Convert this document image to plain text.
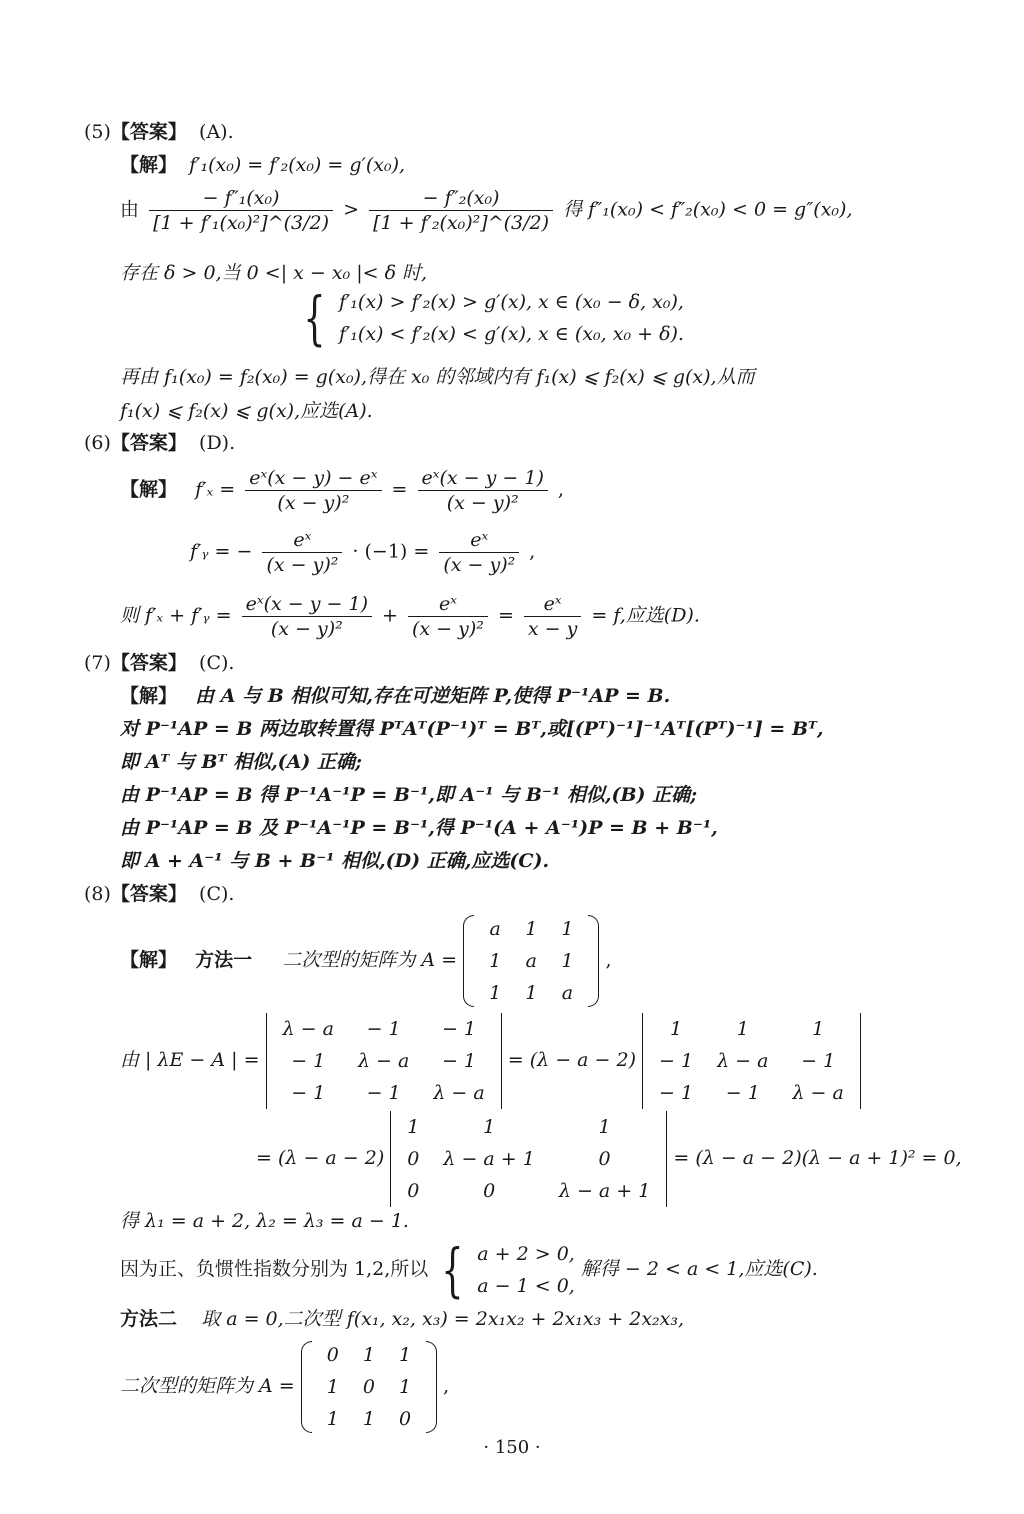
(5)【答案】 (A).
【解】 f′₁(x₀) = f′₂(x₀) = g′(x₀),
由 $\frac{\text{− f″₁(x₀)}}{\text{[1 + f′₁(x₀)²]\textasciicircum{}(3/2)}} > \frac{\text{− f″₂(x₀)}}{\text{[1 + f′₂(x₀)²]\textasciicircum{}(3/2)}}$ 得 f″₁(x₀) < f″₂(x₀) < 0 = g″(x₀),
存在 δ > 0,当 0 <| x − x₀ |< δ 时,
{ f′₁(x) > f′₂(x) > g′(x), x ∈ (x₀ − δ, x₀),
f′₁(x) < f′₂(x) < g′(x), x ∈ (x₀, x₀ + δ).
再由 f₁(x₀) = f₂(x₀) = g(x₀),得在 x₀ 的邻域内有 f₁(x) ⩽ f₂(x) ⩽ g(x),从而
f₁(x) ⩽ f₂(x) ⩽ g(x),应选(A).
(6)【答案】 (D).
【解】 $f'_x = \frac{\text{eˣ(x − y) − eˣ}}{\text{(x − y)²}} = \frac{\text{eˣ(x − y − 1)}}{\text{(x − y)²}}$ ,
f′ᵧ = − $\frac{\text{eˣ}}{\text{(x − y)²}} \cdot (-1) = \frac{\text{eˣ}}{\text{(x − y)²}}$ ,
则 f′ₓ + f′ᵧ = $\frac{\text{eˣ(x − y − 1)}}{\text{(x − y)²}} + \frac{\text{eˣ}}{\text{(x − y)²}} = \frac{\text{eˣ}}{x - y} = f$,应选(D).
(7)【答案】 (C).
【解】 由 A 与 B 相似可知,存在可逆矩阵 P,使得 P⁻¹AP = B.
对 P⁻¹AP = B 两边取转置得 PᵀAᵀ(P⁻¹)ᵀ = Bᵀ,或[(Pᵀ)⁻¹]⁻¹Aᵀ[(Pᵀ)⁻¹] = Bᵀ,
即 Aᵀ 与 Bᵀ 相似,(A) 正确;
由 P⁻¹AP = B 得 P⁻¹A⁻¹P = B⁻¹,即 A⁻¹ 与 B⁻¹ 相似,(B) 正确;
由 P⁻¹AP = B 及 P⁻¹A⁻¹P = B⁻¹,得 P⁻¹(A + A⁻¹)P = B + B⁻¹,
即 A + A⁻¹ 与 B + B⁻¹ 相似,(D) 正确,应选(C).
(8)【答案】 (C).
【解】 方法一 二次型的矩阵为 A =
a	1	1
1	a	1
1	1	a
,
由 | λE − A | =
λ − a	− 1	− 1
− 1	λ − a	− 1
− 1	− 1	λ − a
= (λ − a − 2)
1	1	1
− 1	λ − a	− 1
− 1	− 1	λ − a
= (λ − a − 2)
1	1	1
0	λ − a + 1	0
0	0	λ − a + 1
= (λ − a − 2)(λ − a + 1)² = 0,
得 λ₁ = a + 2, λ₂ = λ₃ = a − 1.
因为正、负惯性指数分别为 1,2,所以 { a + 2 > 0,
a − 1 < 0, 解得 − 2 < a < 1,应选(C).
方法二 取 a = 0,二次型 f(x₁, x₂, x₃) = 2x₁x₂ + 2x₁x₃ + 2x₂x₃,
二次型的矩阵为 A =
0	1	1
1	0	1
1	1	0
,
· 150 ·
